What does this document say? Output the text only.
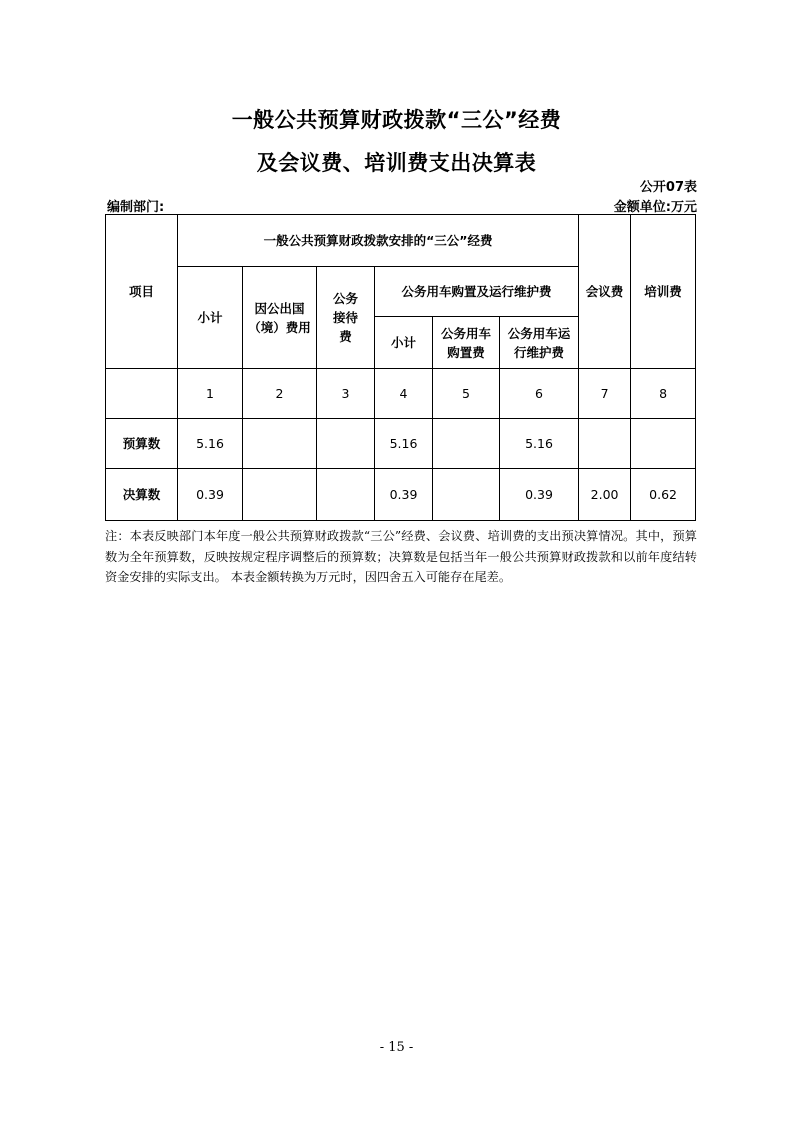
一般公共预算财政拨款“三公”经费
及会议费、培训费支出决算表
公开07表
编制部门:	金额单位:万元
项目	一般公共预算财政拨款安排的“三公”经费						会议费	培训费
	小计	因公出国（境）费用	公务接待费	公务用车购置及运行维护费				
				小计	公务用车购置费	公务用车运行维护费		
	1	2	3	4	5	6	7	8
预算数	5.16			5.16		5.16		
决算数	0.39			0.39		0.39	2.00	0.62
注：本表反映部门本年度一般公共预算财政拨款“三公”经费、会议费、培训费的支出预决算情况。其中，预算数为全年预算数，反映按规定程序调整后的预算数；决算数是包括当年一般公共预算财政拨款和以前年度结转资金安排的实际支出。 本表金额转换为万元时，因四舍五入可能存在尾差。
- 15 -
